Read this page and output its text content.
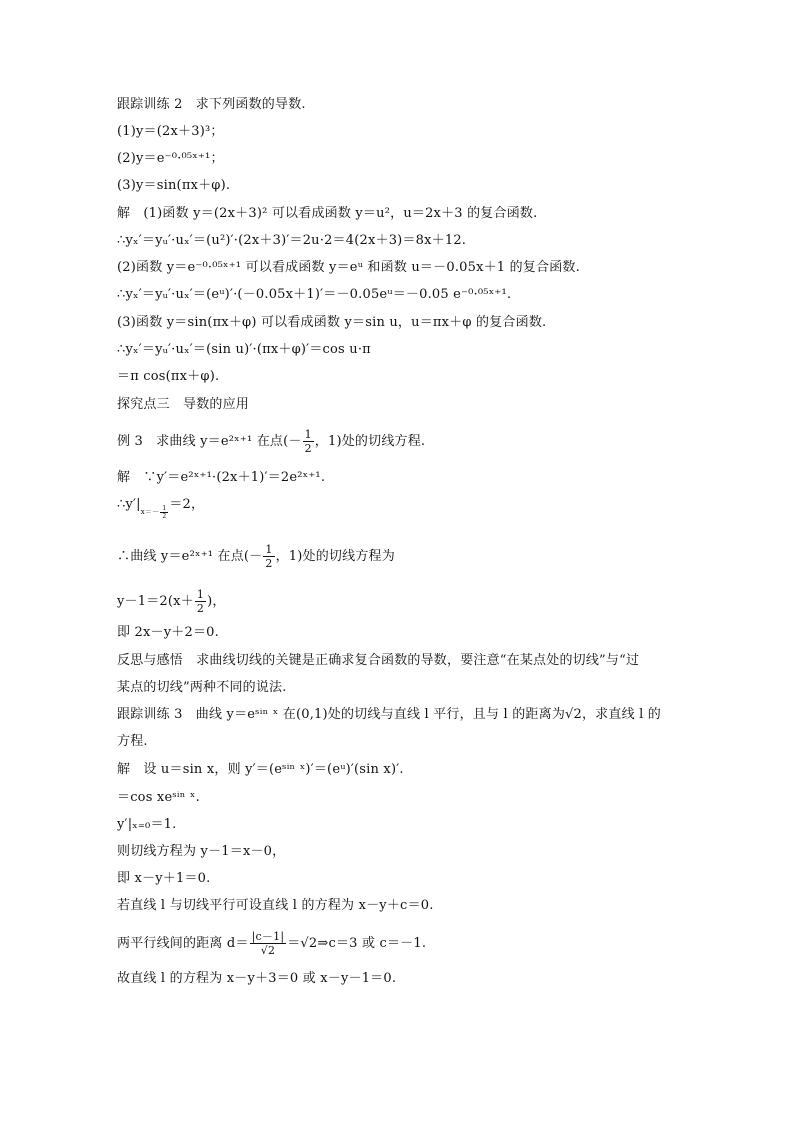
跟踪训练 2　求下列函数的导数.
(1)y＝(2x＋3)³；
(2)y＝e⁻⁰·⁰⁵ˣ⁺¹；
(3)y＝sin(πx＋φ).
解　(1)函数 y＝(2x＋3)² 可以看成函数 y＝u²，u＝2x＋3 的复合函数.
∴yₓ′＝yᵤ′·uₓ′＝(u²)′·(2x＋3)′＝2u·2＝4(2x＋3)＝8x＋12.
(2)函数 y＝e⁻⁰·⁰⁵ˣ⁺¹ 可以看成函数 y＝eᵘ 和函数 u＝－0.05x＋1 的复合函数.
∴yₓ′＝yᵤ′·uₓ′＝(eᵘ)′·(－0.05x＋1)′＝－0.05eᵘ＝－0.05 e⁻⁰·⁰⁵ˣ⁺¹.
(3)函数 y＝sin(πx＋φ) 可以看成函数 y＝sin u，u＝πx＋φ 的复合函数.
∴yₓ′＝yᵤ′·uₓ′＝(sin u)′·(πx＋φ)′＝cos u·π
＝π cos(πx＋φ).
探究点三　导数的应用
例 3　求曲线 y＝e²ˣ⁺¹ 在点(－ $\frac{1}{2}$ ，1)处的切线方程.
解　∵y′＝e²ˣ⁺¹·(2x＋1)′＝2e²ˣ⁺¹.
$\therefore y'|_{x=- \frac{1}{2}} =2$，
∴曲线 y＝e²ˣ⁺¹ 在点(－ $\frac{1}{2}$ ，1)处的切线方程为
$y-1=2(x+ \frac{1}{2}$ )，
即 2x－y＋2＝0.
反思与感悟　求曲线切线的关键是正确求复合函数的导数，要注意“在某点处的切线”与“过
某点的切线”两种不同的说法.
跟踪训练 3　曲线 y＝eˢⁱⁿ ˣ 在(0,1)处的切线与直线 l 平行，且与 l 的距离为√2，求直线 l 的
方程.
解　设 u＝sin x，则 y′＝(eˢⁱⁿ ˣ)′＝(eᵘ)′(sin x)′.
＝cos xeˢⁱⁿ ˣ.
y′|ₓ₌₀＝1.
则切线方程为 y－1＝x－0，
即 x－y＋1＝0.
若直线 l 与切线平行可设直线 l 的方程为 x－y＋c＝0.
两平行线间的距离 $d= \frac{|c-1|}{√2}$ ＝√2⇒c＝3 或 c＝－1.
故直线 l 的方程为 x－y＋3＝0 或 x－y－1＝0.
